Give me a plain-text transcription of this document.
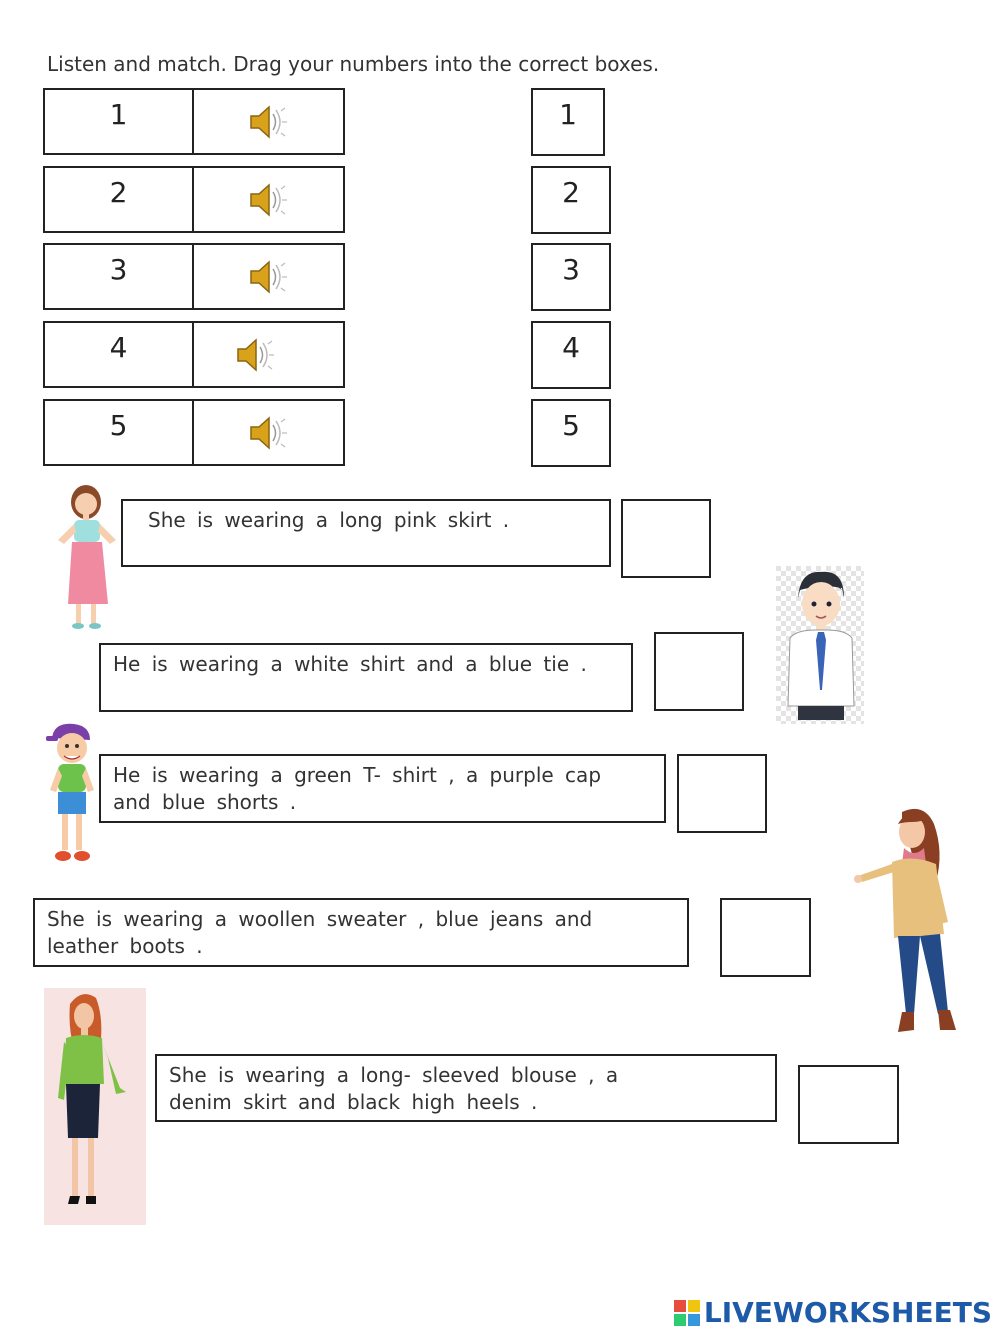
Listen and match. Drag your numbers into the correct boxes.
1
2
3
4
5
1
2
3
4
5
She is wearing a long pink skirt .
He is wearing a white shirt and a blue tie .
He is wearing a green T- shirt , a purple cap
and blue shorts .
She is wearing a woollen sweater , blue jeans and
leather boots .
She is wearing a long- sleeved blouse , a
denim skirt and black high heels .
LIVEWORKSHEETS
